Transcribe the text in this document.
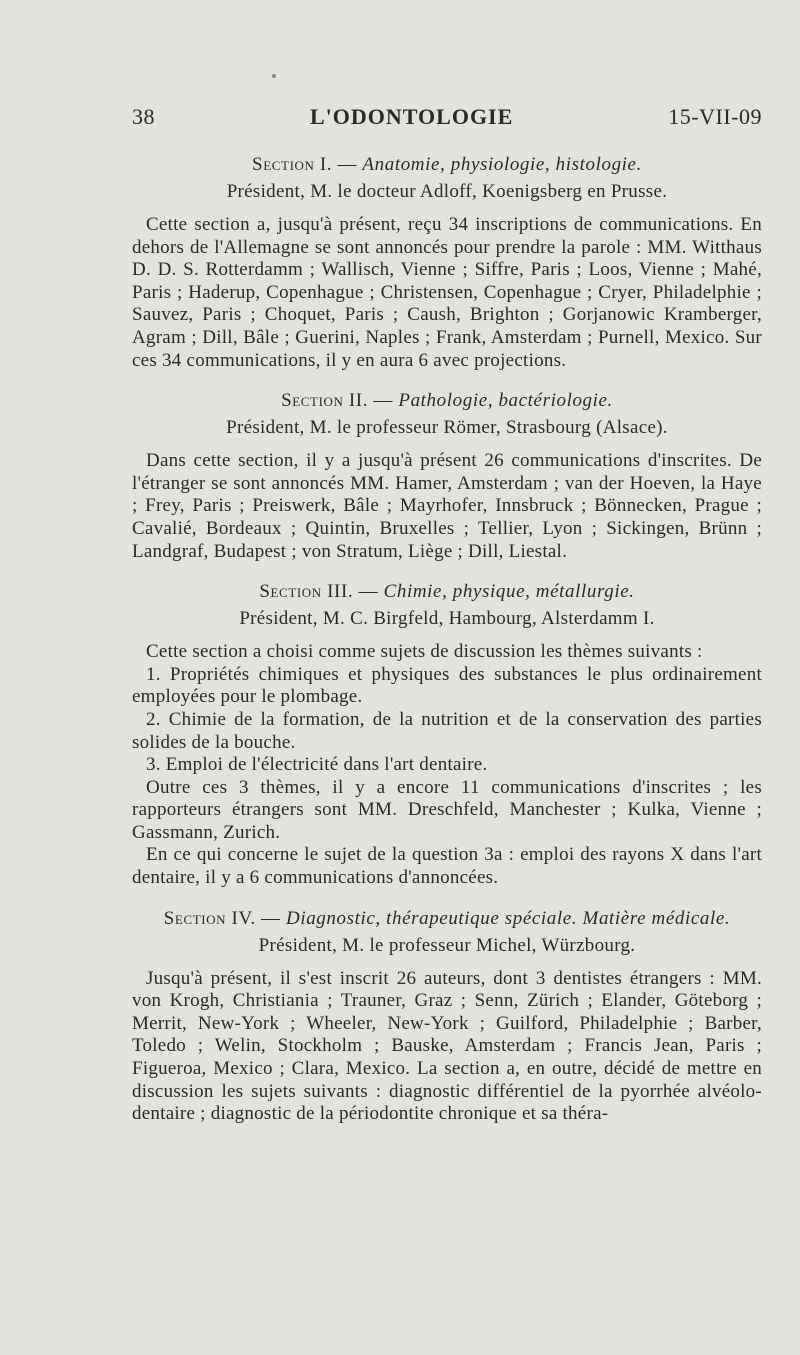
38	L'ODONTOLOGIE	15-VII-09
Section I. — Anatomie, physiologie, histologie.
Président, M. le docteur Adloff, Koenigsberg en Prusse.

Cette section a, jusqu'à présent, reçu 34 inscriptions de communications. En dehors de l'Allemagne se sont annoncés pour prendre la parole : MM. Witthaus D. D. S. Rotterdamm ; Wallisch, Vienne ; Siffre, Paris ; Loos, Vienne ; Mahé, Paris ; Haderup, Copenhague ; Christensen, Copenhague ; Cryer, Philadelphie ; Sauvez, Paris ; Choquet, Paris ; Caush, Brighton ; Gorjanowic Kramberger, Agram ; Dill, Bâle ; Guerini, Naples ; Frank, Amsterdam ; Purnell, Mexico. Sur ces 34 communications, il y en aura 6 avec projections.

Section II. — Pathologie, bactériologie.
Président, M. le professeur Römer, Strasbourg (Alsace).

Dans cette section, il y a jusqu'à présent 26 communications d'inscrites. De l'étranger se sont annoncés MM. Hamer, Amsterdam ; van der Hoeven, la Haye ; Frey, Paris ; Preiswerk, Bâle ; Mayrhofer, Innsbruck ; Bönnecken, Prague ; Cavalié, Bordeaux ; Quintin, Bruxelles ; Tellier, Lyon ; Sickingen, Brünn ; Landgraf, Budapest ; von Stratum, Liège ; Dill, Liestal.

Section III. — Chimie, physique, métallurgie.
Président, M. C. Birgfeld, Hambourg, Alsterdamm I.

Cette section a choisi comme sujets de discussion les thèmes suivants :

1. Propriétés chimiques et physiques des substances le plus ordinairement employées pour le plombage.

2. Chimie de la formation, de la nutrition et de la conservation des parties solides de la bouche.

3. Emploi de l'électricité dans l'art dentaire.

Outre ces 3 thèmes, il y a encore 11 communications d'inscrites ; les rapporteurs étrangers sont MM. Dreschfeld, Manchester ; Kulka, Vienne ; Gassmann, Zurich.

En ce qui concerne le sujet de la question 3a : emploi des rayons X dans l'art dentaire, il y a 6 communications d'annoncées.

Section IV. — Diagnostic, thérapeutique spéciale. Matière médicale.
Président, M. le professeur Michel, Würzbourg.

Jusqu'à présent, il s'est inscrit 26 auteurs, dont 3 dentistes étrangers : MM. von Krogh, Christiania ; Trauner, Graz ; Senn, Zürich ; Elander, Göteborg ; Merrit, New-York ; Wheeler, New-York ; Guilford, Philadelphie ; Barber, Toledo ; Welin, Stockholm ; Bauske, Amsterdam ; Francis Jean, Paris ; Figueroa, Mexico ; Clara, Mexico. La section a, en outre, décidé de mettre en discussion les sujets suivants : diagnostic différentiel de la pyorrhée alvéolo-dentaire ; diagnostic de la périodontite chronique et sa théra-
